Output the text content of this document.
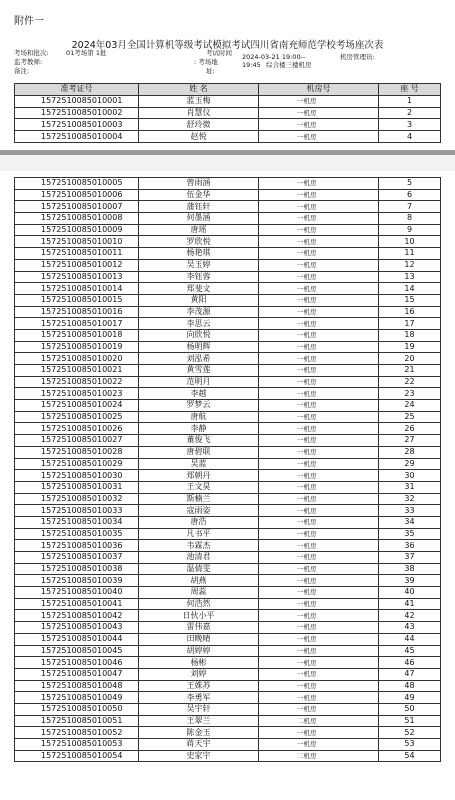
附件一
2024年03月全国计算机等级考试模拟考试四川省南充师范学校考场座次表
考场和批次:	01考场第 1批	考试时间 2024-03-21 19:00--	机房管理员:
监考教师:	: 考场地	19:45 综合楼三楼机房
备注:	址:
准考证号	姓 名	机房号	座 号
1572510085010001	蓝玉梅	一机房	1
1572510085010002	肖慧仪	一机房	2
1572510085010003	舒玲微	一机房	3
1572510085010004	赵悦	一机房	4
1572510085010005	曾雨涵	一机房	5
1572510085010006	伍金华	一机房	6
1572510085010007	蒲钰轩	一机房	7
1572510085010008	何墨涵	一机房	8
1572510085010009	唐瑶	一机房	9
1572510085010010	罗欣悦	一机房	10
1572510085010011	杨艳琪	一机房	11
1572510085010012	吴玉婷	一机房	12
1572510085010013	李钰蓉	一机房	13
1572510085010014	郑斐文	一机房	14
1572510085010015	黄阳	一机房	15
1572510085010016	李茂源	一机房	16
1572510085010017	李思云	一机房	17
1572510085010018	向欣悦	一机房	18
1572510085010019	杨明辉	一机房	19
1572510085010020	刘泓希	一机房	20
1572510085010021	黄雪莲	一机房	21
1572510085010022	范明月	一机房	22
1572510085010023	李越	一机房	23
1572510085010024	罗梦云	一机房	24
1572510085010025	唐航	一机房	25
1572510085010026	李静	一机房	26
1572510085010027	董俊飞	一机房	27
1572510085010028	唐碧联	一机房	28
1572510085010029	吴蓝	一机房	29
1572510085010030	郑朝丹	一机房	30
1572510085010031	王文昊	一机房	31
1572510085010032	斯楠兰	一机房	32
1572510085010033	寇雨姿	一机房	33
1572510085010034	唐浩	一机房	34
1572510085010035	凡书平	一机房	35
1572510085010036	韦霖杰	一机房	36
1572510085010037	池清君	一机房	37
1572510085010038	温倩雯	一机房	38
1572510085010039	胡燕	一机房	39
1572510085010040	周蕊	一机房	40
1572510085010041	何浩然	一机房	41
1572510085010042	日伙小平	一机房	42
1572510085010043	雷伟嘉	一机房	43
1572510085010044	田晚晴	一机房	44
1572510085010045	胡婷婷	一机房	45
1572510085010046	杨彬	一机房	46
1572510085010047	刘婷	一机房	47
1572510085010048	王姝苏	一机房	48
1572510085010049	李勇军	一机房	49
1572510085010050	吴宇轩	一机房	50
1572510085010051	王翠兰	二机房	51
1572510085010052	陈金玉	一机房	52
1572510085010053	蒋天宇	一机房	53
1572510085010054	史家宇	二机房	54
